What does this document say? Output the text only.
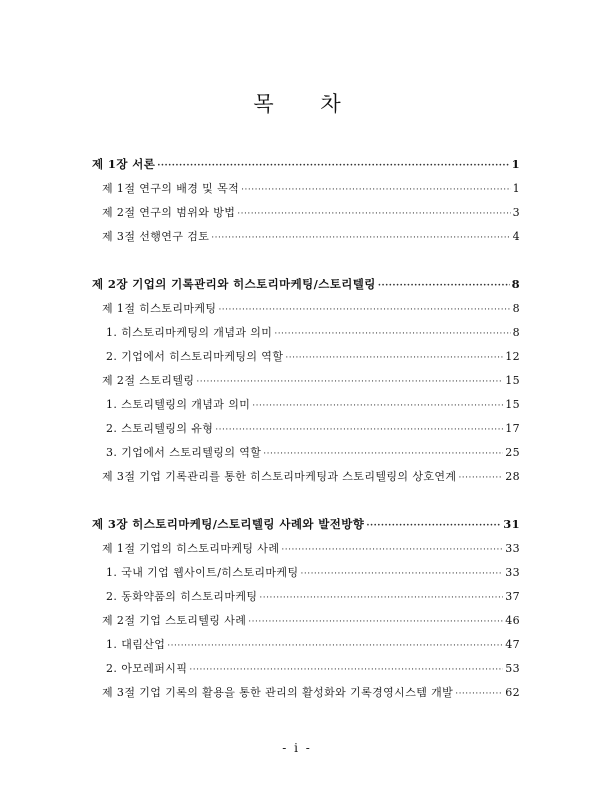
목 차
제 1장 서론 ·····	1
제 1절 연구의 배경 및 목적 ·····	1
제 2절 연구의 범위와 방법 ·····	3
제 3절 선행연구 검토 ·····	4
제 2장 기업의 기록관리와 히스토리마케팅/스토리텔링 ·····	8
제 1절 히스토리마케팅 ·····	8
1. 히스토리마케팅의 개념과 의미 ·····	8
2. 기업에서 히스토리마케팅의 역할 ·····	12
제 2절 스토리텔링 ·····	15
1. 스토리텔링의 개념과 의미 ·····	15
2. 스토리텔링의 유형 ·····	17
3. 기업에서 스토리텔링의 역할 ·····	25
제 3절 기업 기록관리를 통한 히스토리마케팅과 스토리텔링의 상호연계 ·····	28
제 3장 히스토리마케팅/스토리텔링 사례와 발전방향 ·····	31
제 1절 기업의 히스토리마케팅 사례 ·····	33
1. 국내 기업 웹사이트/히스토리마케팅 ·····	33
2. 동화약품의 히스토리마케팅 ·····	37
제 2절 기업 스토리텔링 사례 ·····	46
1. 대림산업 ·····	47
2. 아모레퍼시픽 ·····	53
제 3절 기업 기록의 활용을 통한 관리의 활성화와 기록경영시스템 개발 ·····	62
- i -
